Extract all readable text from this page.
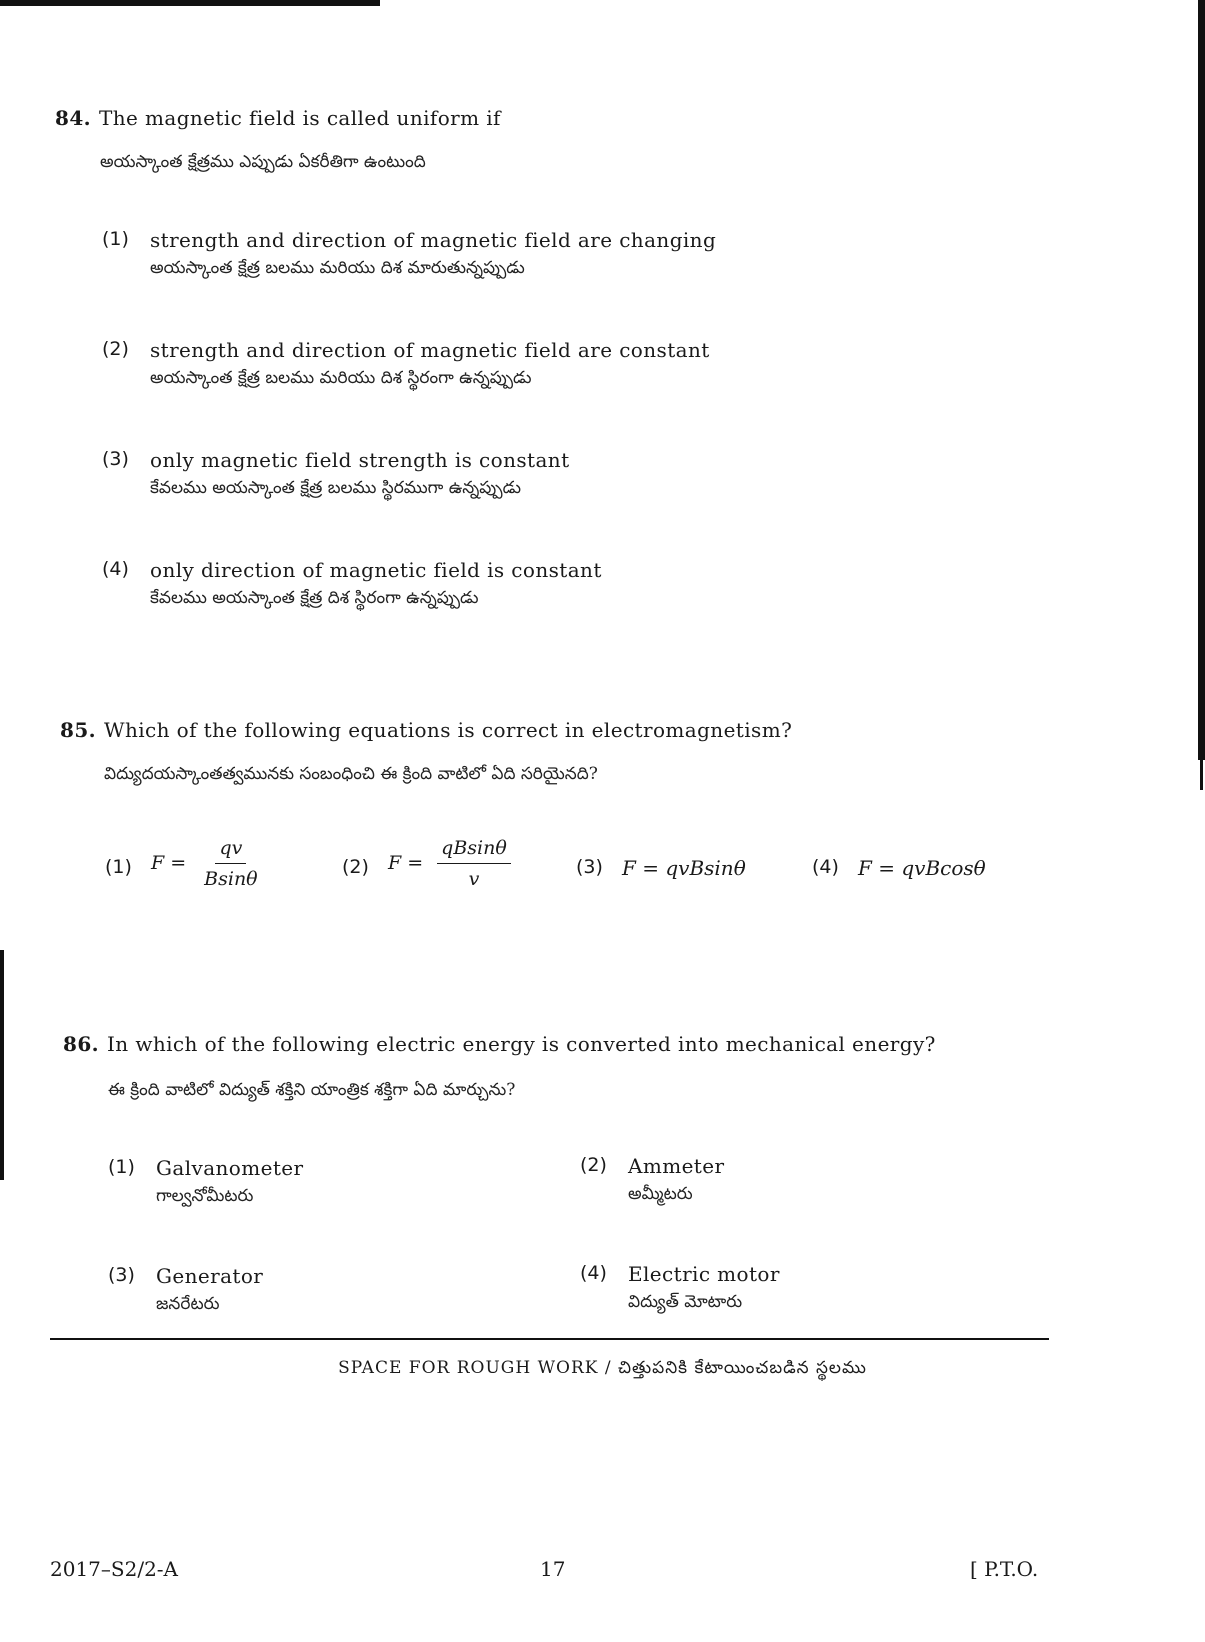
84. The magnetic field is called uniform if
అయస్కాంత క్షేత్రము ఎప్పుడు ఏకరీతిగా ఉంటుంది
(1) strength and direction of magnetic field are changing
అయస్కాంత క్షేత్ర బలము మరియు దిశ మారుతున్నప్పుడు
(2) strength and direction of magnetic field are constant
అయస్కాంత క్షేత్ర బలము మరియు దిశ స్థిరంగా ఉన్నప్పుడు
(3) only magnetic field strength is constant
కేవలము అయస్కాంత క్షేత్ర బలము స్థిరముగా ఉన్నప్పుడు
(4) only direction of magnetic field is constant
కేవలము అయస్కాంత క్షేత్ర దిశ స్థిరంగా ఉన్నప్పుడు
85. Which of the following equations is correct in electromagnetism?
విద్యుదయస్కాంతత్వమునకు సంబంధించి ఈ క్రింది వాటిలో ఏది సరియైనది?
(1) $F = \frac{qv}{Bsin\theta}$	(2) $F = \frac{qBsin\theta}{v}$	(3) F = qvBsinθ	(4) F = qvBcosθ
86. In which of the following electric energy is converted into mechanical energy?
ఈ క్రింది వాటిలో విద్యుత్ శక్తిని యాంత్రిక శక్తిగా ఏది మార్చును?
(1) Galvanometer
గాల్వనోమీటరు
(2) Ammeter
అమ్మీటరు
(3) Generator
జనరేటరు
(4) Electric motor
విద్యుత్ మోటారు
SPACE FOR ROUGH WORK / చిత్తుపనికి కేటాయించబడిన స్థలము
2017–S2/2-A	17	[ P.T.O.
